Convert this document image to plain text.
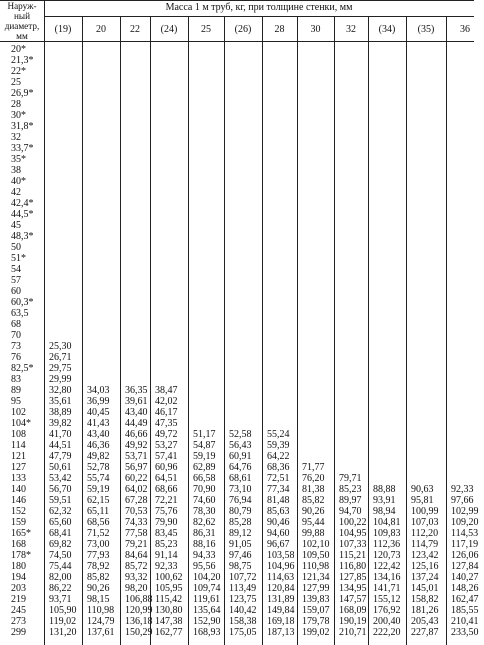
Наруж-
ный
диаметр,
мм
Масса 1 м труб, кг, при толщине стенки, мм
(19)	20	22	(24)	25	(26)	28	30	32	(34)	(35)	36
20*
21,3*
22*
25
26,9*
28
30*
31,8*
32
33,7*
35*
38
40*
42
42,4*
44,5*
45
48,3*
50
51*
54
57
60
60,3*
63,5
68
70
73	25,30
76	26,71
82,5* 29,75
83	29,99
89	32,80 34,03 36,35 38,47
95	35,61 36,99 39,61 42,02
102 38,89 40,45 43,40 46,17
104* 39,82 41,43 44,49 47,35
108 41,70 43,40 46,66 49,72 51,17 52,58 55,24
114 44,51 46,36 49,92 53,27 54,87 56,43 59,39
121 47,79 49,82 53,71 57,41 59,19 60,91 64,22
127 50,61 52,78 56,97 60,96 62,89 64,76 68,36 71,77
133 53,42 55,74 60,22 64,51 66,58 68,61 72,51 76,20 79,71
140 56,70 59,19 64,02 68,66 70,90 73,10 77,34 81,38 85,23 88,88 90,63 92,33
146 59,51 62,15 67,28 72,21 74,60 76,94 81,48 85,82 89,97 93,91 95,81 97,66
152 62,32 65,11 70,53 75,76 78,30 80,79 85,63 90,26 94,70 98,94 100,99 102,99
159 65,60 68,56 74,33 79,90 82,62 85,28 90,46 95,44 100,22 104,81 107,03 109,20
165* 68,41 71,52 77,58 83,45 86,31 89,12 94,60 99,88 104,95 109,83 112,20 114,53
168 69,82 73,00 79,21 85,23 88,16 91,05 96,67 102,10 107,33 112,36 114,79 117,19
178* 74,50 77,93 84,64 91,14 94,33 97,46 103,58 109,50 115,21 120,73 123,42 126,06
180 75,44 78,92 85,72 92,33 95,56 98,75 104,96 110,98 116,80 122,42 125,16 127,84
194 82,00 85,82 93,32 100,62 104,20 107,72 114,63 121,34 127,85 134,16 137,24 140,27
203 86,22 90,26 98,20 105,95 109,74 113,49 120,84 127,99 134,95 141,71 145,01 148,26
219 93,71 98,15 106,88 115,42 119,61 123,75 131,89 139,83 147,57 155,12 158,82 162,47
245 105,90 110,98 120,99 130,80 135,64 140,42 149,84 159,07 168,09 176,92 181,26 185,55
273 119,02 124,79 136,18 147,38 152,90 158,38 169,18 179,78 190,19 200,40 205,43 210,41
299 131,20 137,61 150,29 162,77 168,93 175,05 187,13 199,02 210,71 222,20 227,87 233,50
